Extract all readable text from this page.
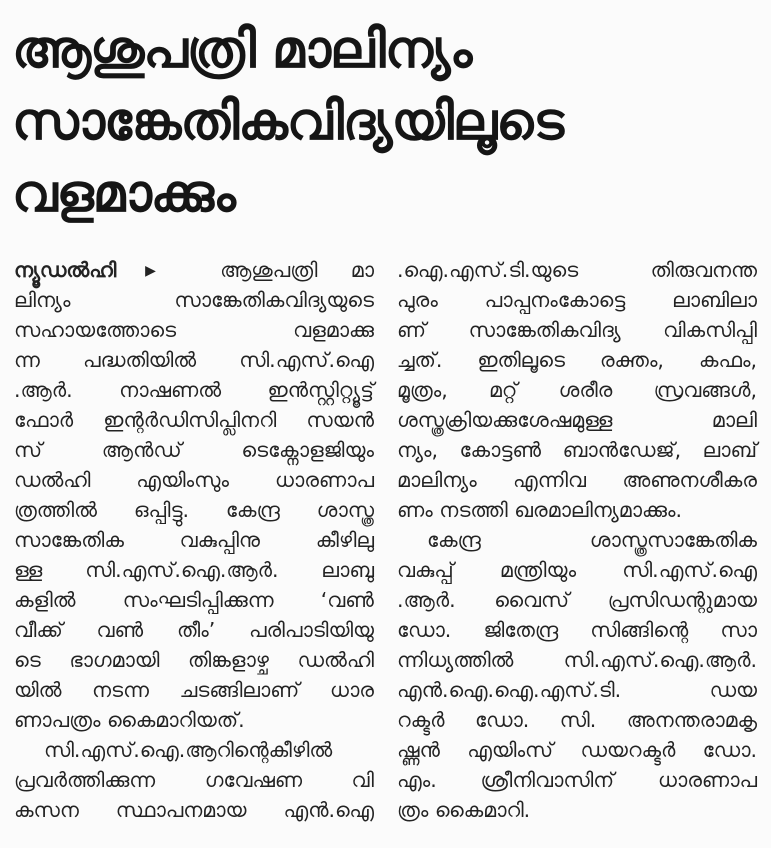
ആശുപത്രി മാലിന്യം
സാങ്കേതികവിദ്യയിലൂടെ
വളമാക്കും
ന്യൂഡൽഹി ▶ ആശുപത്രി മാ
ലിന്യം സാങ്കേതികവിദ്യയുടെ
സഹായത്തോടെ വളമാക്കു
ന്ന പദ്ധതിയിൽ സി.എസ്.ഐ
.ആർ. നാഷണൽ ഇൻസ്റ്റിറ്റ്യൂട്ട്
ഫോർ ഇന്റർഡിസിപ്ലിനറി സയൻ
സ് ആൻഡ് ടെക്നോളജിയും
ഡൽഹി എയിംസും ധാരണാപ
ത്രത്തിൽ ഒപ്പിട്ടു. കേന്ദ്ര ശാസ്ത്ര
സാങ്കേതിക വകുപ്പിനു കീഴിലു
ള്ള സി.എസ്.ഐ.ആർ. ലാബു
കളിൽ സംഘടിപ്പിക്കുന്ന ‘വൺ
വീക്ക് വൺ തീം’ പരിപാടിയിയു
ടെ ഭാഗമായി തിങ്കളാഴ്ച ഡൽഹി
യിൽ നടന്ന ചടങ്ങിലാണ് ധാര
ണാപത്രം കൈമാറിയത്.
സി.എസ്.ഐ.ആറിന്റെകീഴിൽ
പ്രവർത്തിക്കുന്ന ഗവേഷണ വി
കസന സ്ഥാപനമായ എൻ.ഐ
.ഐ.എസ്.ടി.യുടെ തിരുവനന്ത
പുരം പാപ്പനംകോട്ടെ ലാബിലാ
ണ് സാങ്കേതികവിദ്യ വികസിപ്പി
ച്ചത്. ഇതിലൂടെ രക്തം, കഫം,
മൂത്രം, മറ്റ് ശരീര സ്രവങ്ങൾ,
ശസ്ത്രക്രിയക്കുശേഷമുള്ള മാലി
ന്യം, കോട്ടൺ ബാൻഡേജ്, ലാബ്
മാലിന്യം എന്നിവ അണുനശീകര
ണം നടത്തി ഖരമാലിന്യമാക്കും.
കേന്ദ്ര ശാസ്ത്രസാങ്കേതിക
വകുപ്പ് മന്ത്രിയും സി.എസ്.ഐ
.ആർ. വൈസ് പ്രസിഡന്റുമായ
ഡോ. ജിതേന്ദ്ര സിങ്ങിന്റെ സാ
ന്നിധ്യത്തിൽ സി.എസ്.ഐ.ആർ.
എൻ.ഐ.ഐ.എസ്.ടി. ഡയ
റക്ടർ ഡോ. സി. അനന്തരാമകൃ
ഷ്ണൻ എയിംസ് ഡയറക്ടർ ഡോ.
എം. ശ്രീനിവാസിന് ധാരണാപ
ത്രം കൈമാറി.
